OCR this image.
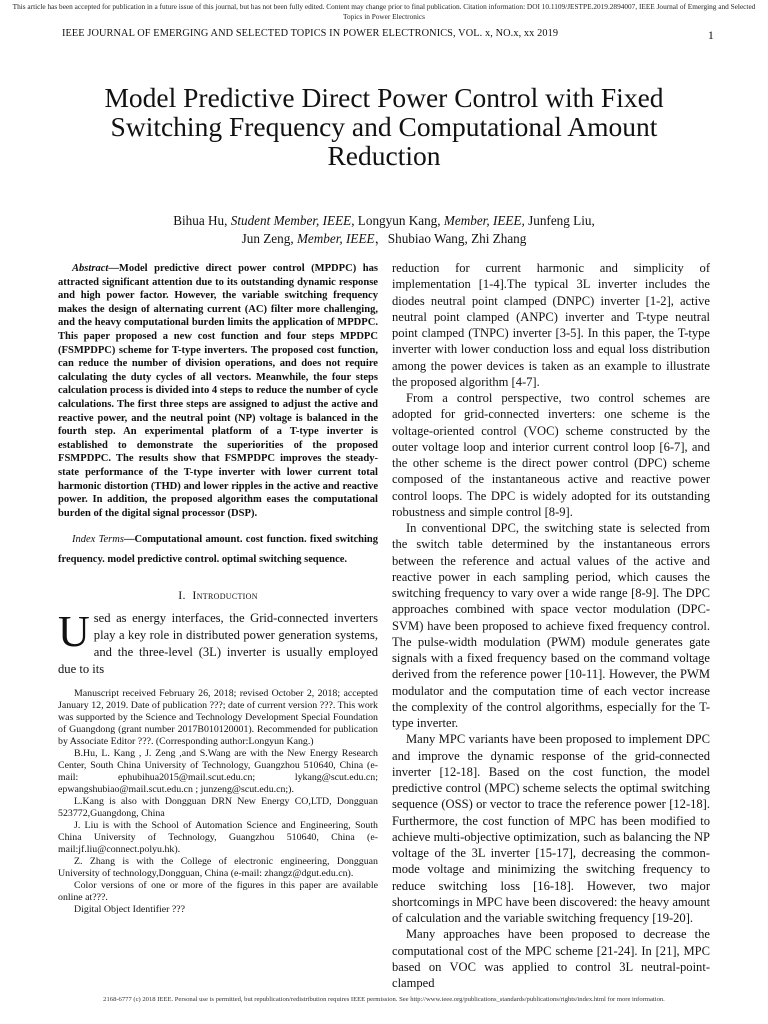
This article has been accepted for publication in a future issue of this journal, but has not been fully edited. Content may change prior to final publication. Citation information: DOI 10.1109/JESTPE.2019.2894007, IEEE Journal of Emerging and Selected Topics in Power Electronics
IEEE JOURNAL OF EMERGING AND SELECTED TOPICS IN POWER ELECTRONICS, VOL. x, NO.x, xx 2019	1
Model Predictive Direct Power Control with Fixed Switching Frequency and Computational Amount Reduction
Bihua Hu, Student Member, IEEE, Longyun Kang, Member, IEEE, Junfeng Liu,
Jun Zeng, Member, IEEE，Shubiao Wang, Zhi Zhang

Abstract—Model predictive direct power control (MPDPC) has attracted significant attention due to its outstanding dynamic response and high power factor. However, the variable switching frequency makes the design of alternating current (AC) filter more challenging, and the heavy computational burden limits the application of MPDPC. This paper proposed a new cost function and four steps MPDPC (FSMPDPC) scheme for T-type inverters. The proposed cost function, can reduce the number of division operations, and does not require calculating the duty cycles of all vectors. Meanwhile, the four steps calculation process is divided into 4 steps to reduce the number of cycle calculations. The first three steps are assigned to adjust the active and reactive power, and the neutral point (NP) voltage is balanced in the fourth step. An experimental platform of a T-type inverter is established to demonstrate the superiorities of the proposed FSMPDPC. The results show that FSMPDPC improves the steady-state performance of the T-type inverter with lower current total harmonic distortion (THD) and lower ripples in the active and reactive power. In addition, the proposed algorithm eases the computational burden of the digital signal processor (DSP).

Index Terms—Computational amount. cost function. fixed switching frequency. model predictive control. optimal switching sequence.

I. Introduction

Used as energy interfaces, the Grid-connected inverters play a key role in distributed power generation systems, and the three-level (3L) inverter is usually employed due to its

Manuscript received February 26, 2018; revised October 2, 2018; accepted January 12, 2019. Date of publication ???; date of current version ???. This work was supported by the Science and Technology Development Special Foundation of Guangdong (grant number 2017B010120001). Recommended for publication by Associate Editor ???. (Corresponding author:Longyun Kang.)

B.Hu, L. Kang , J. Zeng ,and S.Wang are with the New Energy Research Center, South China University of Technology, Guangzhou 510640, China (e-mail: ephubihua2015@mail.scut.edu.cn; lykang@scut.edu.cn; epwangshubiao@mail.scut.edu.cn ; junzeng@scut.edu.cn;).

L.Kang is also with Dongguan DRN New Energy CO,LTD, Dongguan 523772,Guangdong, China

J. Liu is with the School of Automation Science and Engineering, South China University of Technology, Guangzhou 510640, China (e-mail:jf.liu@connect.polyu.hk).

Z. Zhang is with the College of electronic engineering, Dongguan University of technology,Dongguan, China (e-mail: zhangz@dgut.edu.cn).

Color versions of one or more of the figures in this paper are available online at???.

Digital Object Identifier ???

reduction for current harmonic and simplicity of implementation [1-4].The typical 3L inverter includes the diodes neutral point clamped (DNPC) inverter [1-2], active neutral point clamped (ANPC) inverter and T-type neutral point clamped (TNPC) inverter [3-5]. In this paper, the T-type inverter with lower conduction loss and equal loss distribution among the power devices is taken as an example to illustrate the proposed algorithm [4-7].

From a control perspective, two control schemes are adopted for grid-connected inverters: one scheme is the voltage-oriented control (VOC) scheme constructed by the outer voltage loop and interior current control loop [6-7], and the other scheme is the direct power control (DPC) scheme composed of the instantaneous active and reactive power control loops. The DPC is widely adopted for its outstanding robustness and simple control [8-9].

In conventional DPC, the switching state is selected from the switch table determined by the instantaneous errors between the reference and actual values of the active and reactive power in each sampling period, which causes the switching frequency to vary over a wide range [8-9]. The DPC approaches combined with space vector modulation (DPC-SVM) have been proposed to achieve fixed frequency control. The pulse-width modulation (PWM) module generates gate signals with a fixed frequency based on the command voltage derived from the reference power [10-11]. However, the PWM modulator and the computation time of each vector increase the complexity of the control algorithms, especially for the T-type inverter.

Many MPC variants have been proposed to implement DPC and improve the dynamic response of the grid-connected inverter [12-18]. Based on the cost function, the model predictive control (MPC) scheme selects the optimal switching sequence (OSS) or vector to trace the reference power [12-18]. Furthermore, the cost function of MPC has been modified to achieve multi-objective optimization, such as balancing the NP voltage of the 3L inverter [15-17], decreasing the common-mode voltage and minimizing the switching frequency to reduce switching loss [16-18]. However, two major shortcomings in MPC have been discovered: the heavy amount of calculation and the variable switching frequency [19-20].

Many approaches have been proposed to decrease the computational cost of the MPC scheme [21-24]. In [21], MPC based on VOC was applied to control 3L neutral-point-clamped

2168-6777 (c) 2018 IEEE. Personal use is permitted, but republication/redistribution requires IEEE permission. See http://www.ieee.org/publications_standards/publications/rights/index.html for more information.
